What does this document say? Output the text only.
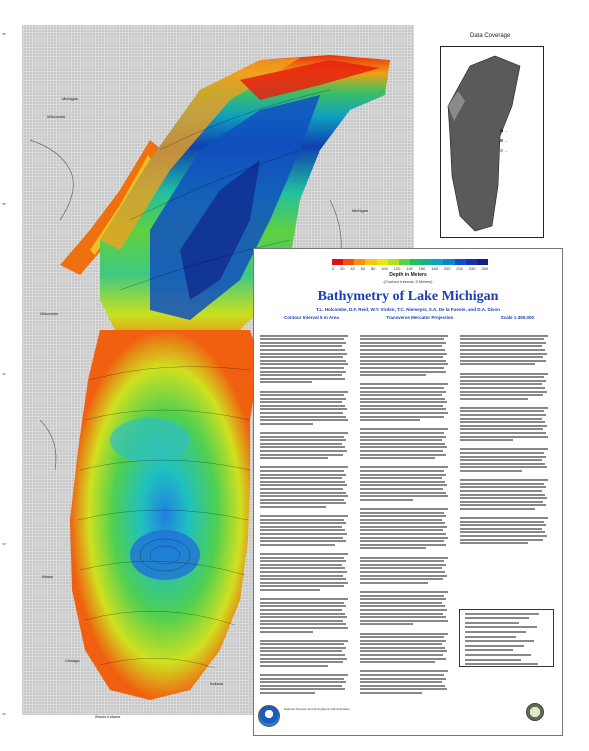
Michigan
Wisconsin
Michigan
Wisconsin
Illinois
Chicago
Indiana
Illinois Indiana
46°
45°
44°
43°
42°
—
—
—
Data Coverage
0 20 40 60 80 100 120 140 160 180 200 220 240 260
Depth in Meters
(Contour Interval: 5 Meters)
Bathymetry of Lake Michigan
T.L. Holcombe, D.F. Reid, W.T. Virden, T.C. Niemeyer, S.A. De la Fuente, and D.A. Dixon
Contour Interval 5 m Area	Transverse Mercator Projection	Scale 1:350,000
National Oceanic and Atmospheric Administration
